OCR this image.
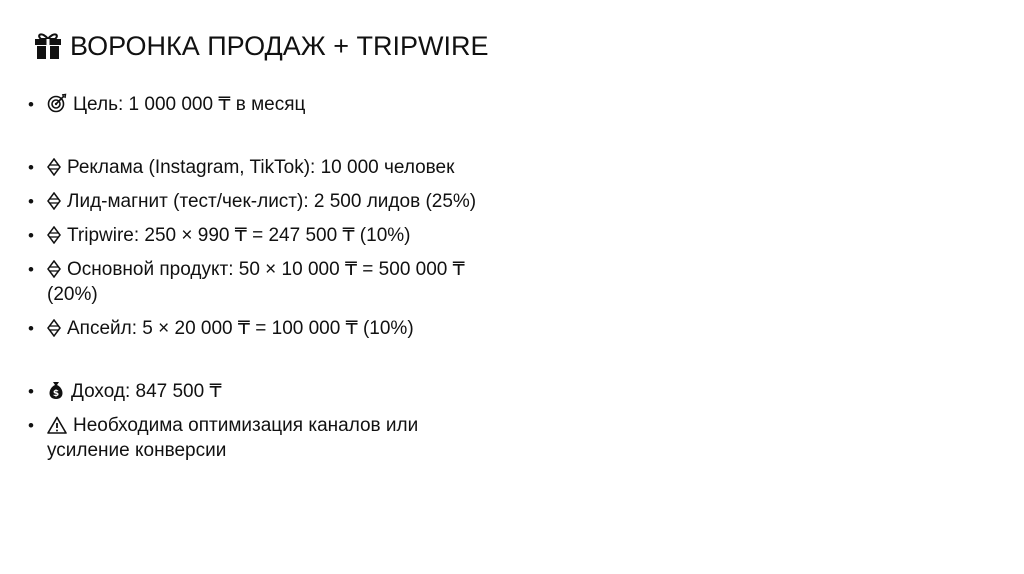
ВОРОНКА ПРОДАЖ + TRIPWIRE
• Цель: 1 000 000 ₸ в месяц
• Реклама (Instagram, TikTok): 10 000 человек
• Лид-магнит (тест/чек-лист): 2 500 лидов (25%)
• Tripwire: 250 × 990 ₸ = 247 500 ₸ (10%)
• Основной продукт: 50 × 10 000 ₸ = 500 000 ₸ (20%)
• Апсейл: 5 × 20 000 ₸ = 100 000 ₸ (10%)
• $ Доход: 847 500 ₸
• Необходима оптимизация каналов или усиление конверсии
